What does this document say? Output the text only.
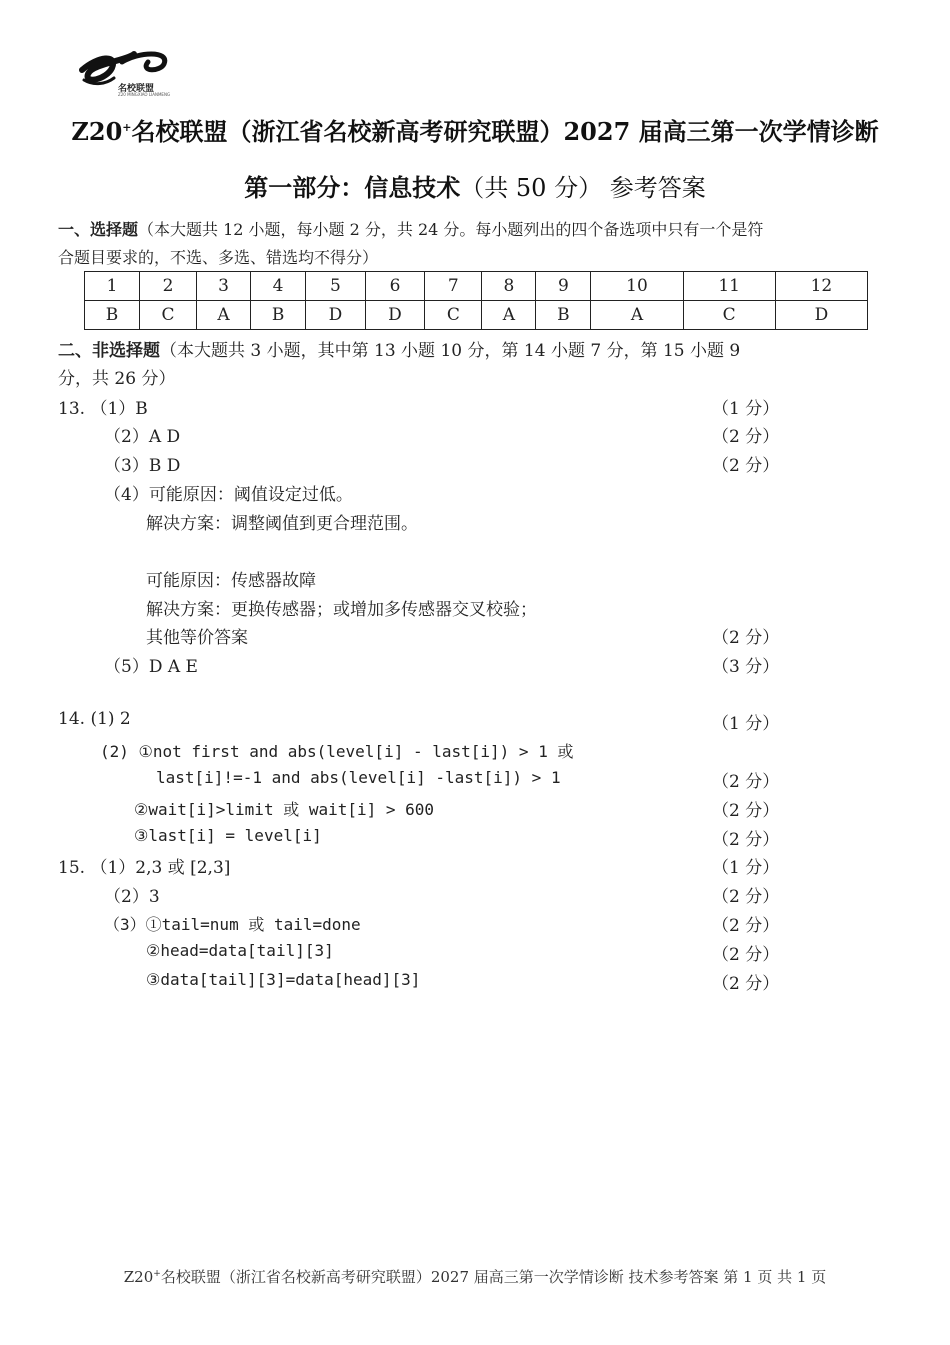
名校联盟
Z20 MINGXIAO LIANMENG
Z20+名校联盟（浙江省名校新高考研究联盟）2027 届高三第一次学情诊断
第一部分：信息技术（共 50 分） 参考答案
一、选择题（本大题共 12 小题，每小题 2 分，共 24 分。每小题列出的四个备选项中只有一个是符
合题目要求的，不选、多选、错选均不得分）
1	2	3	4	5	6	7	8	9	10	11	12
B	C	A	B	D	D	C	A	B	A	C	D
二、非选择题（本大题共 3 小题，其中第 13 小题 10 分，第 14 小题 7 分，第 15 小题 9
分，共 26 分）
13. （1）B	（1 分）
（2）A D	（2 分）
（3）B D	（2 分）
（4）可能原因：阈值设定过低。
解决方案：调整阈值到更合理范围。
可能原因：传感器故障
解决方案：更换传感器；或增加多传感器交叉校验；
其他等价答案	（2 分）
（5）D A E	（3 分）
14. (1) 2	（1 分）
(2) ①not first and abs(level[i] - last[i]) > 1 或
last[i]!=-1 and abs(level[i] -last[i]) > 1	（2 分）
②wait[i]>limit 或 wait[i] > 600	（2 分）
③last[i] = level[i]	（2 分）
15. （1）2,3 或 [2,3]	（1 分）
（2）3	（2 分）
（3）①tail=num 或 tail=done	（2 分）
②head=data[tail][3]	（2 分）
③data[tail][3]=data[head][3]	（2 分）
Z20+名校联盟（浙江省名校新高考研究联盟）2027 届高三第一次学情诊断 技术参考答案 第 1 页 共 1 页
